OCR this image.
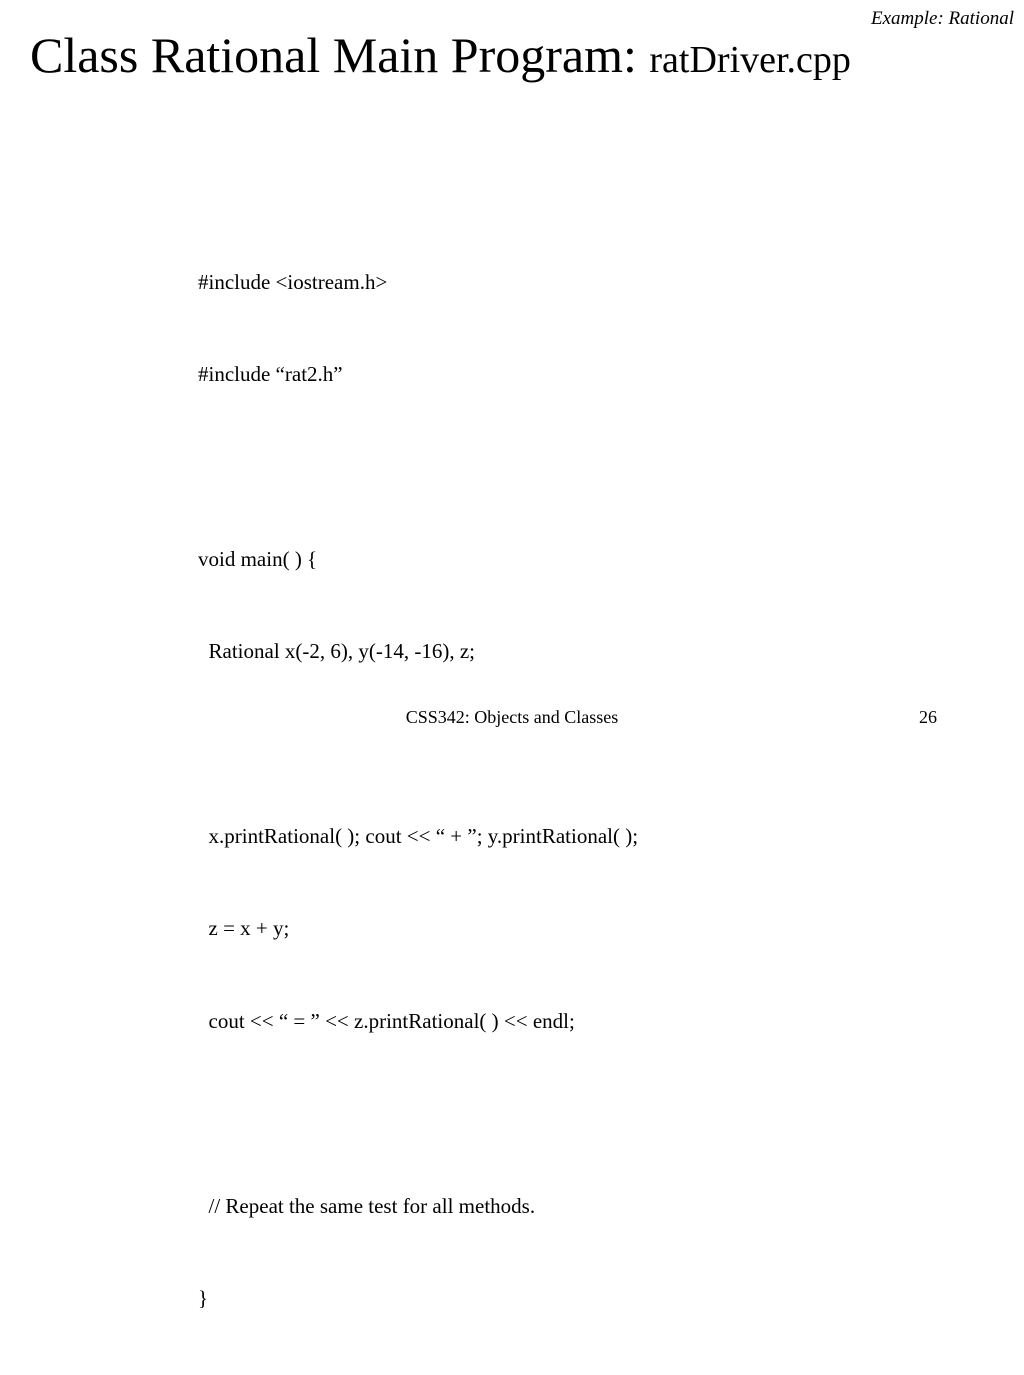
Example: Rational
Class Rational Main Program: ratDriver.cpp

#include <iostream.h>

#include “rat2.h”

void main( ) {

Rational x(-2, 6), y(-14, -16), z;

x.printRational( ); cout << “ + ”; y.printRational( );

z = x + y;

cout << “ = ” << z.printRational( ) << endl;

// Repeat the same test for all methods.

}

CSS342: Objects and Classes	26
